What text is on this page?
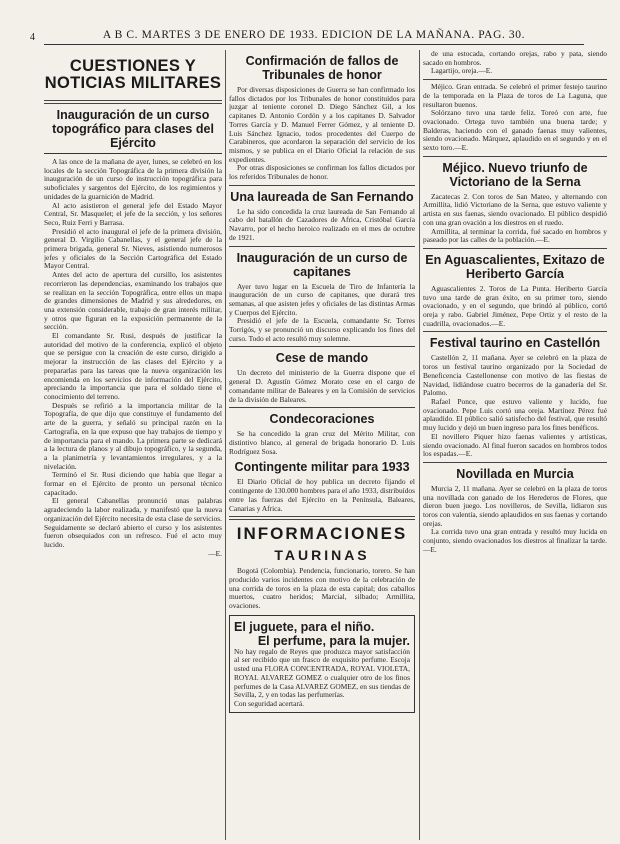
4	A B C. MARTES 3 DE ENERO DE 1933. EDICION DE LA MAÑANA. PAG. 30.
CUESTIONES Y NOTICIAS MILITARES
Inauguración de un curso topográfico para clases del Ejército

A las once de la mañana de ayer, lunes, se celebró en los locales de la sección Topográfica de la primera división la inauguración de un curso de instrucción topográfica para suboficiales y sargentos del Ejército, de los regimientos y unidades de la guarnición de Madrid.

Al acto asistieron el general jefe del Estado Mayor Central, Sr. Masquelet; el jefe de la sección, y los señores Seco, Ruiz Ferri y Barrasa.

Presidió el acto inaugural el jefe de la primera división, general D. Virgilio Cabanellas, y el general jefe de la primera brigada, general Sr. Nieves, asistiendo numerosos jefes y oficiales de la Sección Cartográfica del Estado Mayor Central.

Antes del acto de apertura del cursillo, los asistentes recorrieron las dependencias, examinando los trabajos que se realizan en la sección Topográfica, entre ellos un mapa de grandes dimensiones de Madrid y sus alrededores, en una extensión considerable, trabajo de gran interés militar, y otros que figuran en la exposición permanente de la sección.

El comandante Sr. Rusi, después de justificar la autoridad del motivo de la conferencia, explicó el objeto que se persigue con la creación de este curso, dirigido a mejorar la instrucción de las clases del Ejército y a prepararlas para las tareas que la nueva organización les encomienda en los servicios de información del Ejército, apreciando la importancia que para el soldado tiene el conocimiento del terreno.

Después se refirió a la importancia militar de la Topografía, de que dijo que constituye el fundamento del arte de la guerra, y señaló su principal razón en la Cartografía, en la que expuso que hay trabajos de tiempo y de importancia para el mando. La primera parte se dedicará a la lectura de planos y al dibujo topográfico, y la segunda, a la planimetría y levantamientos irregulares, y a la nivelación.

Terminó el Sr. Rusi diciendo que había que llegar a formar en el Ejército de pronto un personal técnico capacitado.

El general Cabanellas pronunció unas palabras agradeciendo la labor realizada, y manifestó que la nueva organización del Ejército necesita de esta clase de servicios. Seguidamente se declaró abierto el curso y los asistentes fueron obsequiados con un refresco. Fué el acto muy lucido.

—E.
Confirmación de fallos de Tribunales de honor

Por diversas disposiciones de Guerra se han confirmado los fallos dictados por los Tribunales de honor constituídos para juzgar al teniente coronel D. Diego Sánchez Gil, a los capitanes D. Antonio Cordón y a los capitanes D. Salvador Torres García y D. Manuel Ferrer Gómez, y al teniente D. Luis Sánchez Ignacio, todos procedentes del Cuerpo de Carabineros, que acordaron la separación del servicio de los mismos, y se publica en el Diario Oficial la relación de sus expedientes.

Por otras disposiciones se confirman los fallos dictados por los referidos Tribunales de honor.

Una laureada de San Fernando

Le ha sido concedida la cruz laureada de San Fernando al cabo del batallón de Cazadores de Africa, Cristóbal García Navarro, por el hecho heroico realizado en el mes de octubre de 1921.

Inauguración de un curso de capitanes

Ayer tuvo lugar en la Escuela de Tiro de Infantería la inauguración de un curso de capitanes, que durará tres semanas, al que asisten jefes y oficiales de las distintas Armas y Cuerpos del Ejército.

Presidió el jefe de la Escuela, comandante Sr. Torres Torrigós, y se pronunció un discurso explicando los fines del curso. Todo el acto resultó muy solemne.

Cese de mando

Un decreto del ministerio de la Guerra dispone que el general D. Agustín Gómez Morato cese en el cargo de comandante militar de Baleares y en la Comisión de servicios de la división de Baleares.

Condecoraciones

Se ha concedido la gran cruz del Mérito Militar, con distintivo blanco, al general de brigada honorario D. Luis Rodríguez Sosa.

Contingente militar para 1933

El Diario Oficial de hoy publica un decreto fijando el contingente de 130.000 hombres para el año 1933, distribuídos entre las fuerzas del Ejército en la Península, Baleares, Canarias y Africa.

INFORMACIONES
TAURINAS

Bogotá (Colombia). Pendencia, funcionario, torero. Se han producido varios incidentes con motivo de la celebración de una corrida de toros en la plaza de esta capital; dos caballos muertos, cuatro heridos; Marcial, silbado; Armillita, ovaciones.

El juguete, para el niño.
El perfume, para la mujer.

No hay regalo de Reyes que produzca mayor satisfacción al ser recibido que un frasco de exquisito perfume. Escoja usted una FLORA CONCENTRADA, ROYAL VIOLETA, ROYAL ALVAREZ GOMEZ o cualquier otro de los finos perfumes de la Casa ALVAREZ GOMEZ, en sus tiendas de Sevilla, 2, y en todas las perfumerías.

Con seguridad acertará.

de una estocada, cortando orejas, rabo y pata, siendo sacado en hombros.

Lagartijo, oreja.—E.

Méjico. Gran entrada. Se celebró el primer festejo taurino de la temporada en la Plaza de toros de La Laguna, que resultaron buenos.

Solórzano tuvo una tarde feliz. Toreó con arte, fue ovacionado. Ortega tuvo también una buena tarde; y Balderas, haciendo con el ganado faenas muy valientes, siendo ovacionado. Márquez, aplaudido en el segundo y en el sexto toro.—E.

Méjico. Nuevo triunfo de Victoriano de la Serna

Zacatecas 2. Con toros de San Mateo, y alternando con Armillita, lidió Victoriano de la Serna, que estuvo valiente y artista en sus faenas, siendo ovacionado. El público despidió con una gran ovación a los diestros en el ruedo.

Armillita, al terminar la corrida, fué sacado en hombros y paseado por las calles de la población.—E.

En Aguascalientes, Exitazo de Heriberto García

Aguascalientes 2. Toros de La Punta. Heriberto García tuvo una tarde de gran éxito, en su primer toro, siendo ovacionado, y en el segundo, que brindó al público, cortó oreja y rabo. Gabriel Jiménez, Pepe Ortiz y el resto de la cuadrilla, ovacionados.—E.

Festival taurino en Castellón

Castellón 2, 11 mañana. Ayer se celebró en la plaza de toros un festival taurino organizado por la Sociedad de Beneficencia Castellonense con motivo de las fiestas de Navidad, lidiándose cuatro becerros de la ganadería del Sr. Palomo.

Rafael Ponce, que estuvo valiente y lucido, fue ovacionado. Pepe Luis cortó una oreja. Martínez Pérez fué aplaudido. El público salió satisfecho del festival, que resultó muy lucido y dejó un buen ingreso para los fines benéficos.

El novillero Piquer hizo faenas valientes y artísticas, siendo ovacionado. Al final fueron sacados en hombros todos los espadas.—E.

Novillada en Murcia

Murcia 2, 11 mañana. Ayer se celebró en la plaza de toros una novillada con ganado de los Herederos de Flores, que dieron buen juego. Los novilleros, de Sevilla, lidiaron sus toros con valentía, siendo aplaudidos en sus faenas y cortando orejas.

La corrida tuvo una gran entrada y resultó muy lucida en conjunto, siendo ovacionados los diestros al finalizar la tarde.—E.
